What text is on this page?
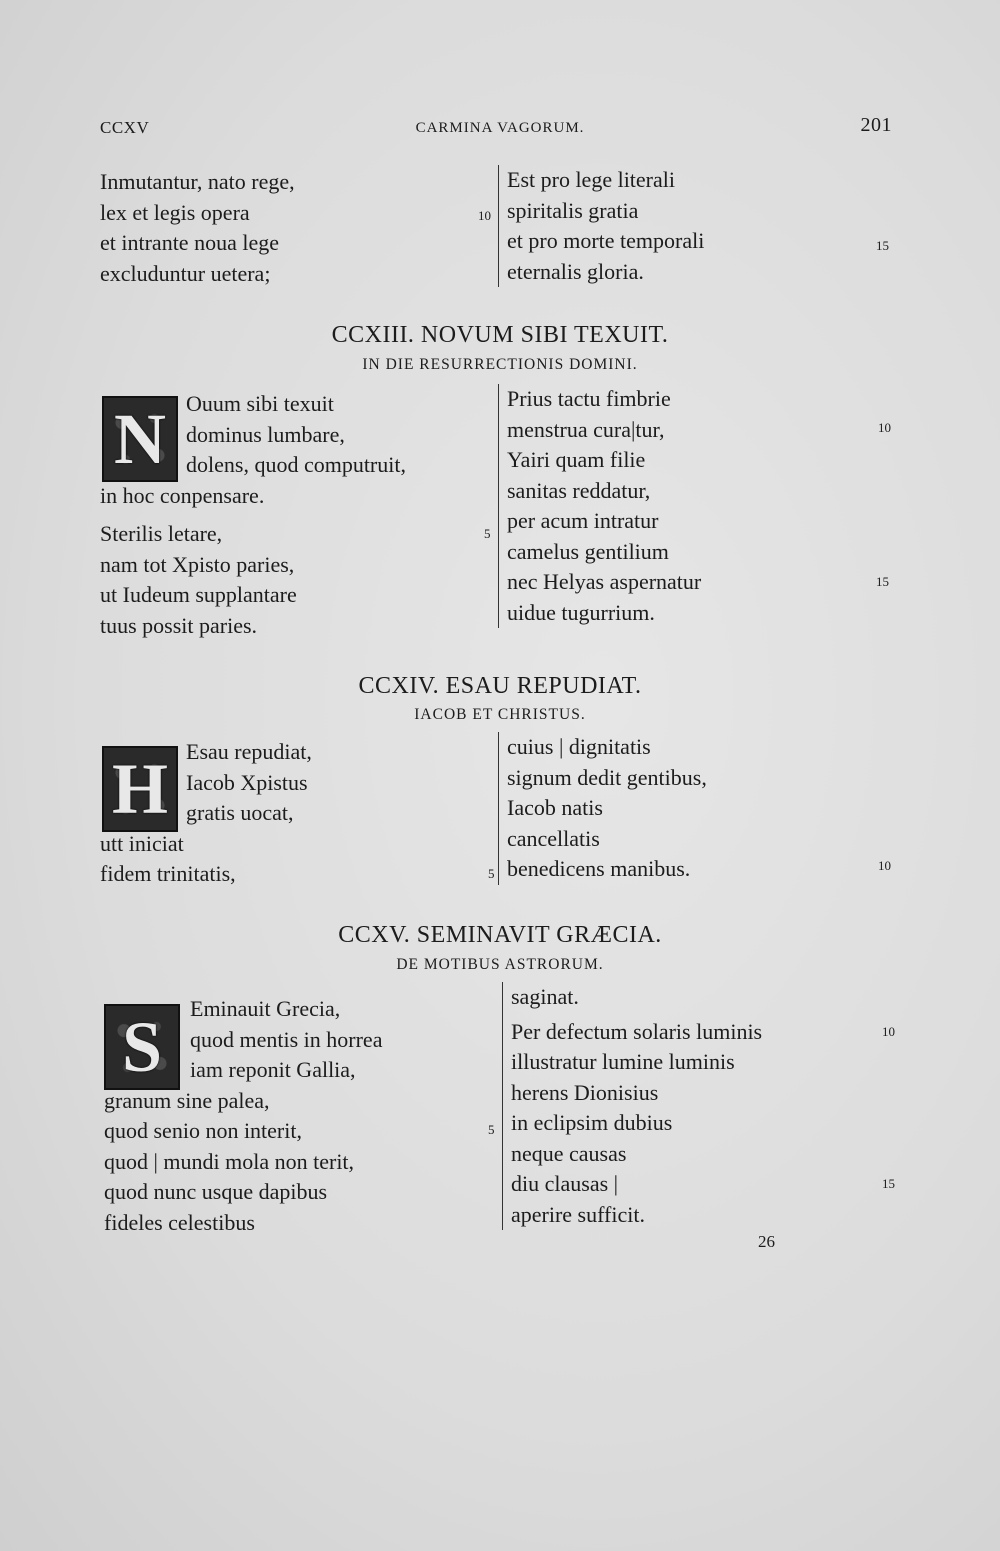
CCXV	CARMINA VAGORUM.	201
Inmutantur, nato rege,
lex et legis opera
et intrante noua lege
excluduntur uetera;
10
Est pro lege literali
spiritalis gratia
et pro morte temporali
eternalis gloria.
15
CCXIII. NOVUM SIBI TEXUIT.
IN DIE RESURRECTIONIS DOMINI.
N Ouum sibi texuit
dominus lumbare,
dolens, quod computruit,
in hoc conpensare.
Sterilis letare,
nam tot Xpisto paries,
ut Iudeum supplantare
tuus possit paries.
5
Prius tactu fimbrie
menstrua cura|tur,
Yairi quam filie
sanitas reddatur,
per acum intratur
camelus gentilium
nec Helyas aspernatur
uidue tugurrium.
10
15
CCXIV. ESAU REPUDIAT.
IACOB ET CHRISTUS.
H Esau repudiat,
Iacob Xpistus
gratis uocat,
utt iniciat
fidem trinitatis,	5
cuius | dignitatis
signum dedit gentibus,
Iacob natis
cancellatis
benedicens manibus.	10
CCXV. SEMINAVIT GRÆCIA.
DE MOTIBUS ASTRORUM.
S	Eminauit Grecia,
quod mentis in horrea
iam reponit Gallia,
granum sine palea,
quod senio non interit,
quod | mundi mola non terit,
quod nunc usque dapibus
fideles celestibus
5
saginat.
Per defectum solaris luminis
illustratur lumine luminis
herens Dionisius
in eclipsim dubius
neque causas
diu clausas |
aperire sufficit.
10
15
26
